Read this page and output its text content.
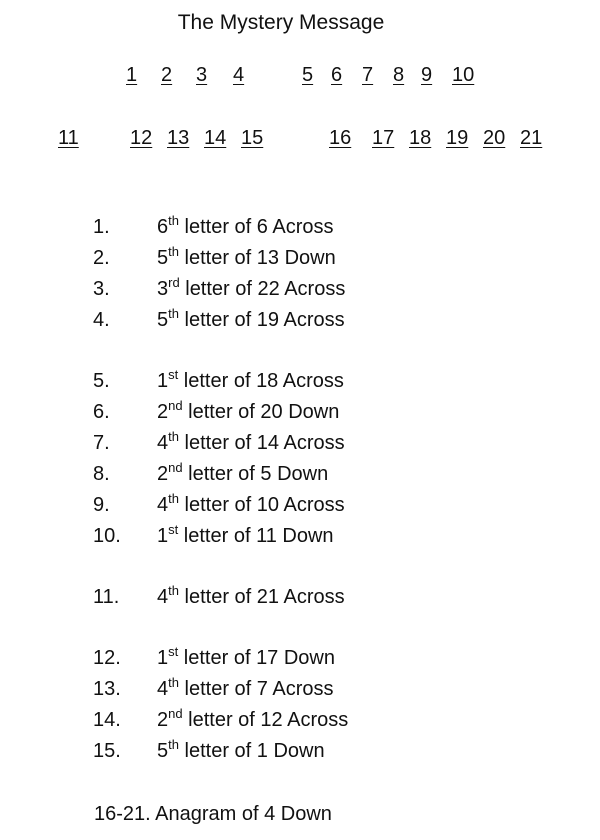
The Mystery Message
1 2 3 4	5 6 7 8 9 10
11	12 13 14 15	16 17 18 19 20 21
1. 6th letter of 6 Across
2. 5th letter of 13 Down
3. 3rd letter of 22 Across
4. 5th letter of 19 Across
5. 1st letter of 18 Across
6. 2nd letter of 20 Down
7. 4th letter of 14 Across
8. 2nd letter of 5 Down
9. 4th letter of 10 Across
10. 1st letter of 11 Down
11. 4th letter of 21 Across
12. 1st letter of 17 Down
13. 4th letter of 7 Across
14. 2nd letter of 12 Across
15. 5th letter of 1 Down
16-21. Anagram of 4 Down
